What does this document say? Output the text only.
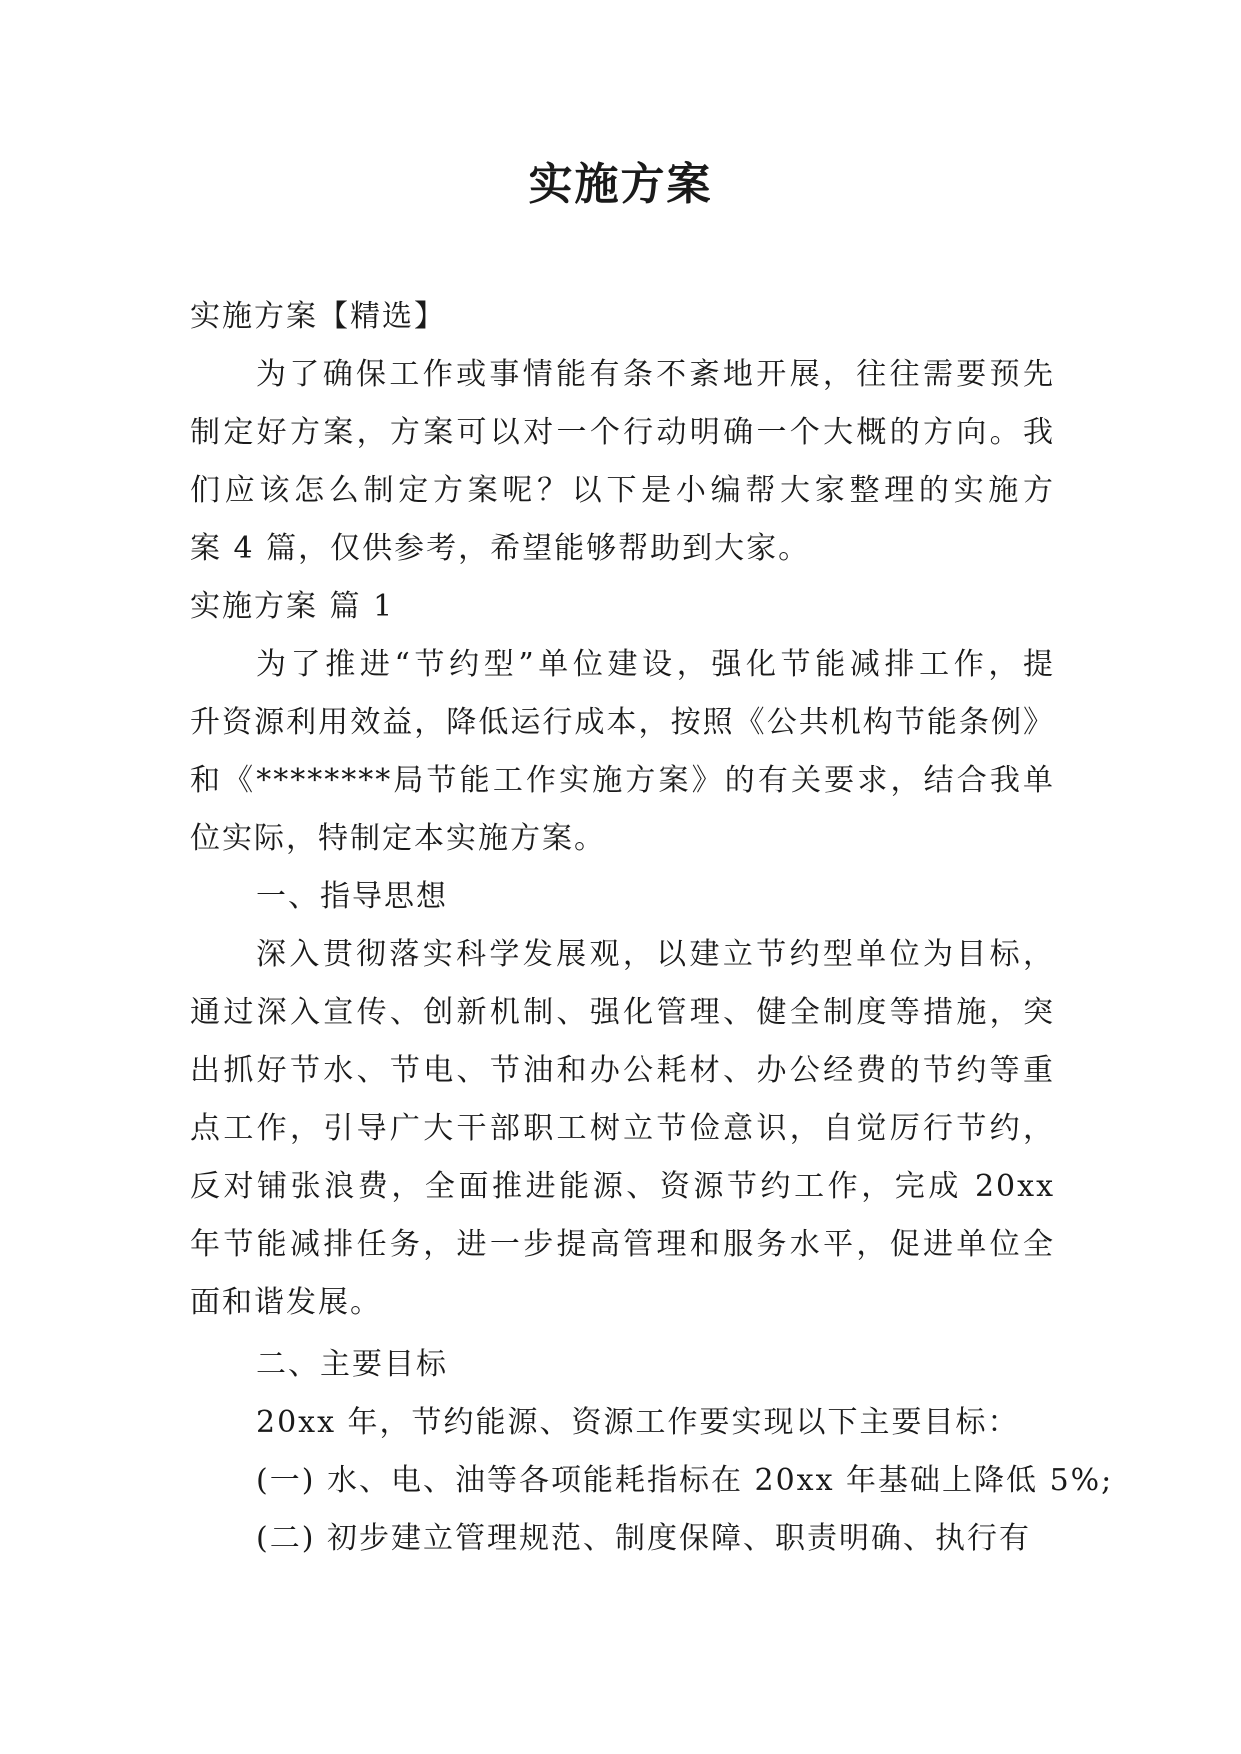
实施方案

实施方案【精选】

为了确保工作或事情能有条不紊地开展，往往需要预先

制定好方案，方案可以对一个行动明确一个大概的方向。我

们应该怎么制定方案呢？以下是小编帮大家整理的实施方

案 4 篇，仅供参考，希望能够帮助到大家。

实施方案 篇 1

为了推进“节约型”单位建设，强化节能减排工作，提

升资源利用效益，降低运行成本，按照《公共机构节能条例》

和《********局节能工作实施方案》的有关要求，结合我单

位实际，特制定本实施方案。

一、指导思想

深入贯彻落实科学发展观，以建立节约型单位为目标，

通过深入宣传、创新机制、强化管理、健全制度等措施，突

出抓好节水、节电、节油和办公耗材、办公经费的节约等重

点工作，引导广大干部职工树立节俭意识，自觉厉行节约，

反对铺张浪费，全面推进能源、资源节约工作，完成 20xx

年节能减排任务，进一步提高管理和服务水平，促进单位全

面和谐发展。

二、主要目标

20xx 年，节约能源、资源工作要实现以下主要目标：

(一) 水、电、油等各项能耗指标在 20xx 年基础上降低 5%;

(二) 初步建立管理规范、制度保障、职责明确、执行有
